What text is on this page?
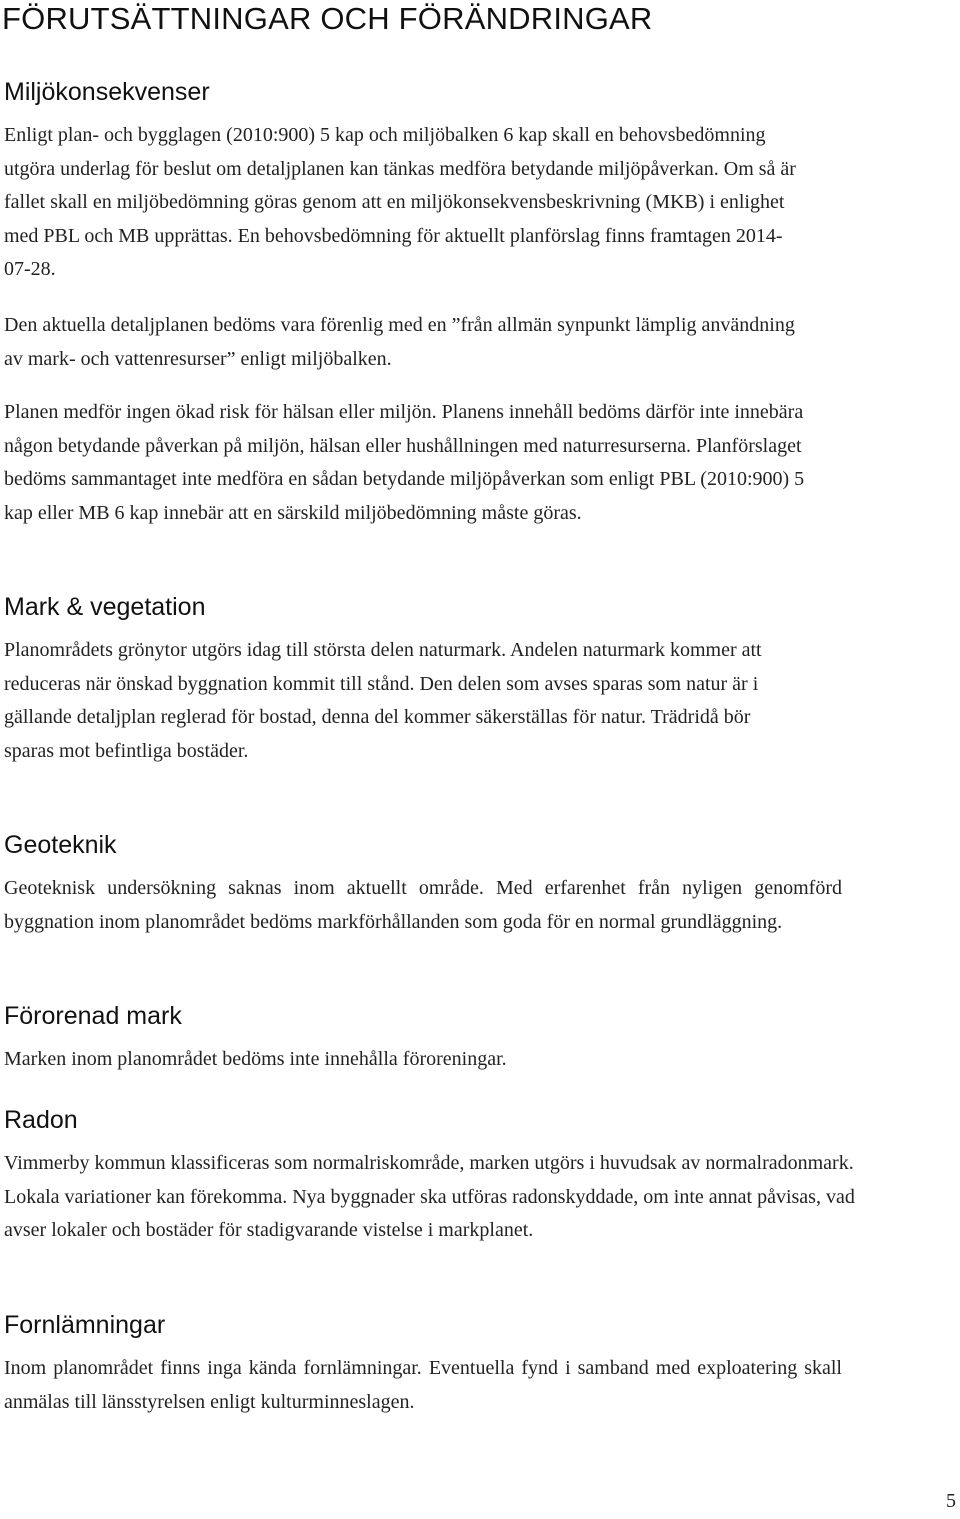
FÖRUTSÄTTNINGAR OCH FÖRÄNDRINGAR
Miljökonsekvenser

Enligt plan- och bygglagen (2010:900) 5 kap och miljöbalken 6 kap skall en behovsbedömning utgöra underlag för beslut om detaljplanen kan tänkas medföra betydande miljöpåverkan. Om så är fallet skall en miljöbedömning göras genom att en miljökonsekvensbeskrivning (MKB) i enlighet med PBL och MB upprättas. En behovsbedömning för aktuellt planförslag finns framtagen 2014-07-28.

Den aktuella detaljplanen bedöms vara förenlig med en ”från allmän synpunkt lämplig användning av mark- och vattenresurser” enligt miljöbalken.

Planen medför ingen ökad risk för hälsan eller miljön. Planens innehåll bedöms därför inte innebära någon betydande påverkan på miljön, hälsan eller hushållningen med naturresurserna. Planförslaget bedöms sammantaget inte medföra en sådan betydande miljöpåverkan som enligt PBL (2010:900) 5 kap eller MB 6 kap innebär att en särskild miljöbedömning måste göras.

Mark & vegetation

Planområdets grönytor utgörs idag till största delen naturmark. Andelen naturmark kommer att reduceras när önskad byggnation kommit till stånd. Den delen som avses sparas som natur är i gällande detaljplan reglerad för bostad, denna del kommer säkerställas för natur. Trädridå bör sparas mot befintliga bostäder.

Geoteknik

Geoteknisk undersökning saknas inom aktuellt område. Med erfarenhet från nyligen genomförd byggnation inom planområdet bedöms markförhållanden som goda för en normal grundläggning.

Förorenad mark

Marken inom planområdet bedöms inte innehålla föroreningar.

Radon

Vimmerby kommun klassificeras som normalriskområde, marken utgörs i huvudsak av normalradonmark. Lokala variationer kan förekomma. Nya byggnader ska utföras radonskyddade, om inte annat påvisas, vad avser lokaler och bostäder för stadigvarande vistelse i markplanet.

Fornlämningar

Inom planområdet finns inga kända fornlämningar. Eventuella fynd i samband med exploatering skall anmälas till länsstyrelsen enligt kulturminneslagen.

5
